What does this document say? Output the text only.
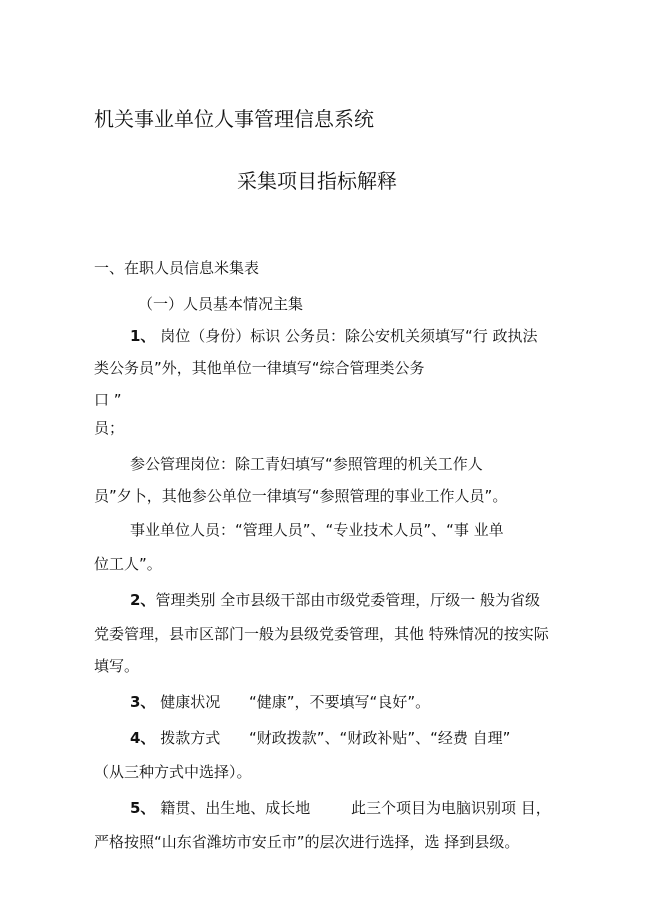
机关事业单位人事管理信息系统
采集项目指标解释
一、在职人员信息米集表
（一）人员基本情况主集
1、 岗位（身份）标识 公务员：除公安机关须填写“行 政执法
类公务员”外，其他单位一律填写“综合管理类公务
口 ”
员；
参公管理岗位：除工青妇填写“参照管理的机关工作人
员”夕卜，其他参公单位一律填写“参照管理的事业工作人员”。
事业单位人员：“管理人员”、“专业技术人员”、“事 业单
位工人”。
2、管理类别 全市县级干部由市级党委管理，厅级一 般为省级
党委管理，县市区部门一般为县级党委管理，其他 特殊情况的按实际
填写。
3、 健康状况 “健康”，不要填写“良好”。
4、 拨款方式 “财政拨款”、“财政补贴”、“经费 自理”
（从三种方式中选择）。
5、 籍贯、出生地、成长地	此三个项目为电脑识别项 目，
严格按照“山东省潍坊市安丘市”的层次进行选择，选 择到县级。
